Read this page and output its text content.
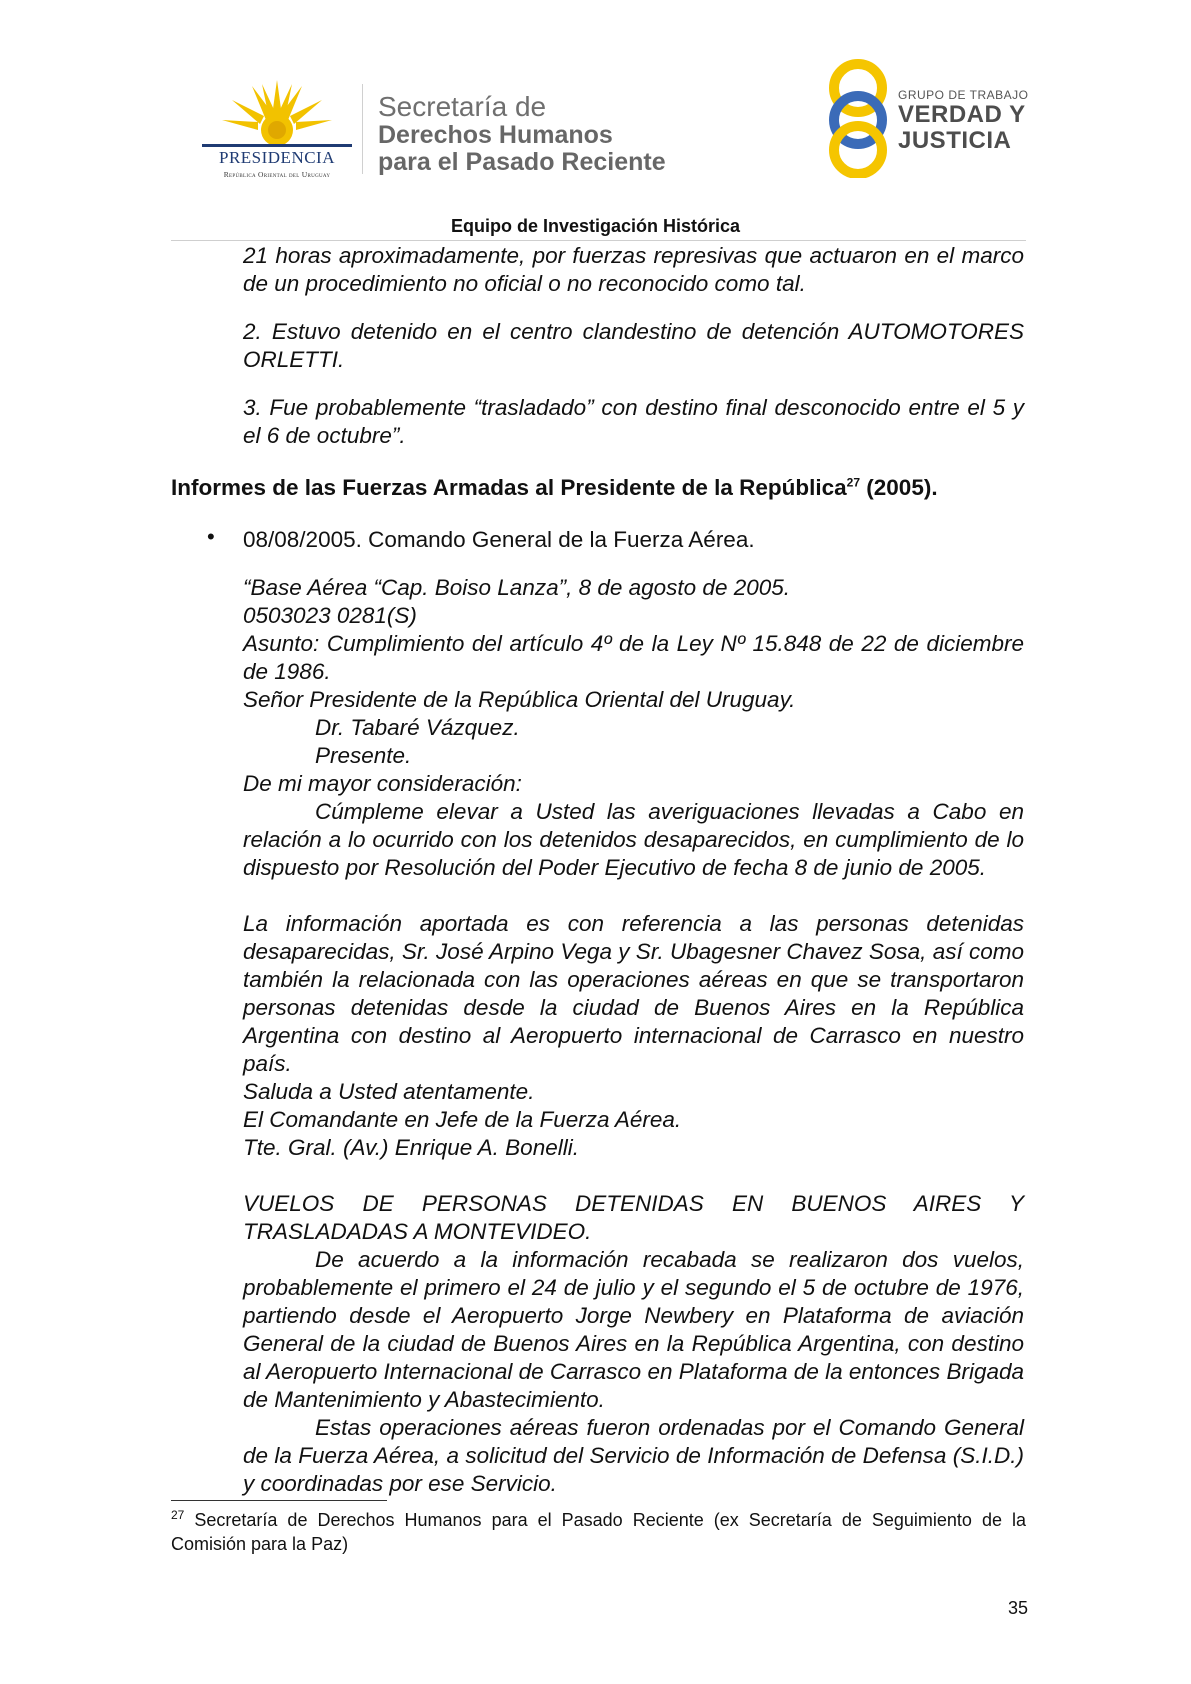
PRESIDENCIA
República Oriental del Uruguay
Secretaría de
Derechos Humanos
para el Pasado Reciente
GRUPO DE TRABAJO
VERDAD Y
JUSTICIA
Equipo de Investigación Histórica
21 horas aproximadamente, por fuerzas represivas que actuaron en el marco de un procedimiento no oficial o no reconocido como tal.
2. Estuvo detenido en el centro clandestino de detención AUTOMOTORES ORLETTI.
3. Fue probablemente “trasladado” con destino final desconocido entre el 5 y el 6 de octubre”.
Informes de las Fuerzas Armadas al Presidente de la República$^{27}$ (2005).
• 08/08/2005. Comando General de la Fuerza Aérea.
“Base Aérea “Cap. Boiso Lanza”, 8 de agosto de 2005.
0503023 0281(S)
Asunto: Cumplimiento del artículo 4º de la Ley Nº 15.848 de 22 de diciembre de 1986.
Señor Presidente de la República Oriental del Uruguay.
Dr. Tabaré Vázquez.
Presente.
De mi mayor consideración:
Cúmpleme elevar a Usted las averiguaciones llevadas a Cabo en relación a lo ocurrido con los detenidos desaparecidos, en cumplimiento de lo dispuesto por Resolución del Poder Ejecutivo de fecha 8 de junio de 2005.
La información aportada es con referencia a las personas detenidas desaparecidas, Sr. José Arpino Vega y Sr. Ubagesner Chavez Sosa, así como también la relacionada con las operaciones aéreas en que se transportaron personas detenidas desde la ciudad de Buenos Aires en la República Argentina con destino al Aeropuerto internacional de Carrasco en nuestro país.
Saluda a Usted atentamente.
El Comandante en Jefe de la Fuerza Aérea.
Tte. Gral. (Av.) Enrique A. Bonelli.
VUELOS DE PERSONAS DETENIDAS EN BUENOS AIRES Y TRASLADADAS A MONTEVIDEO.
De acuerdo a la información recabada se realizaron dos vuelos, probablemente el primero el 24 de julio y el segundo el 5 de octubre de 1976, partiendo desde el Aeropuerto Jorge Newbery en Plataforma de aviación General de la ciudad de Buenos Aires en la República Argentina, con destino al Aeropuerto Internacional de Carrasco en Plataforma de la entonces Brigada de Mantenimiento y Abastecimiento.
Estas operaciones aéreas fueron ordenadas por el Comando General de la Fuerza Aérea, a solicitud del Servicio de Información de Defensa (S.I.D.) y coordinadas por ese Servicio.
$^{27}$ Secretaría de Derechos Humanos para el Pasado Reciente (ex Secretaría de Seguimiento de la Comisión para la Paz)
35
